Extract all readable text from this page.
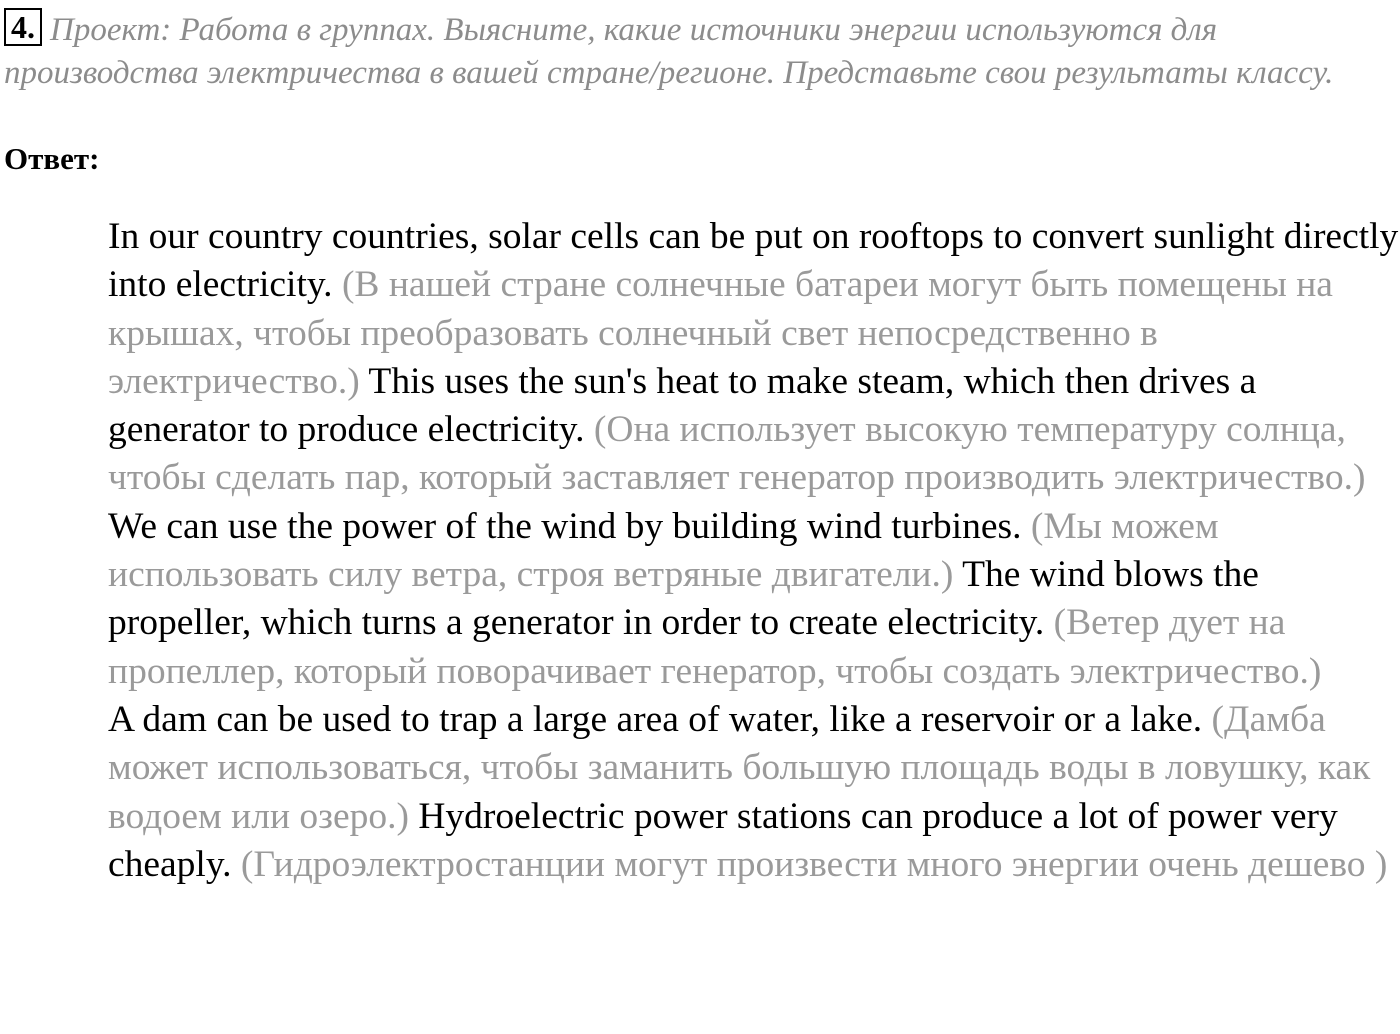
4. Проект: Работа в группах. Выясните, какие источники энергии используются для производства электричества в вашей стране/регионе. Представьте свои результаты классу.
Ответ:

In our country countries, solar cells can be put on rooftops to convert sunlight directly into electricity. (В нашей стране солнечные батареи могут быть помещены на крышах, чтобы преобразовать солнечный свет непосредственно в электричество.) This uses the sun's heat to make steam, which then drives a generator to produce electricity. (Она использует высокую температуру солнца, чтобы сделать пар, который заставляет генератор производить электричество.)

We can use the power of the wind by building wind turbines. (Мы можем использовать силу ветра, строя ветряные двигатели.) The wind blows the propeller, which turns a generator in order to create electricity. (Ветер дует на пропеллер, который поворачивает генератор, чтобы создать электричество.)

A dam can be used to trap a large area of water, like a reservoir or a lake. (Дамба может использоваться, чтобы заманить большую площадь воды в ловушку, как водоем или озеро.) Hydroelectric power stations can produce a lot of power very cheaply. (Гидроэлектростанции могут произвести много энергии очень дешево )
